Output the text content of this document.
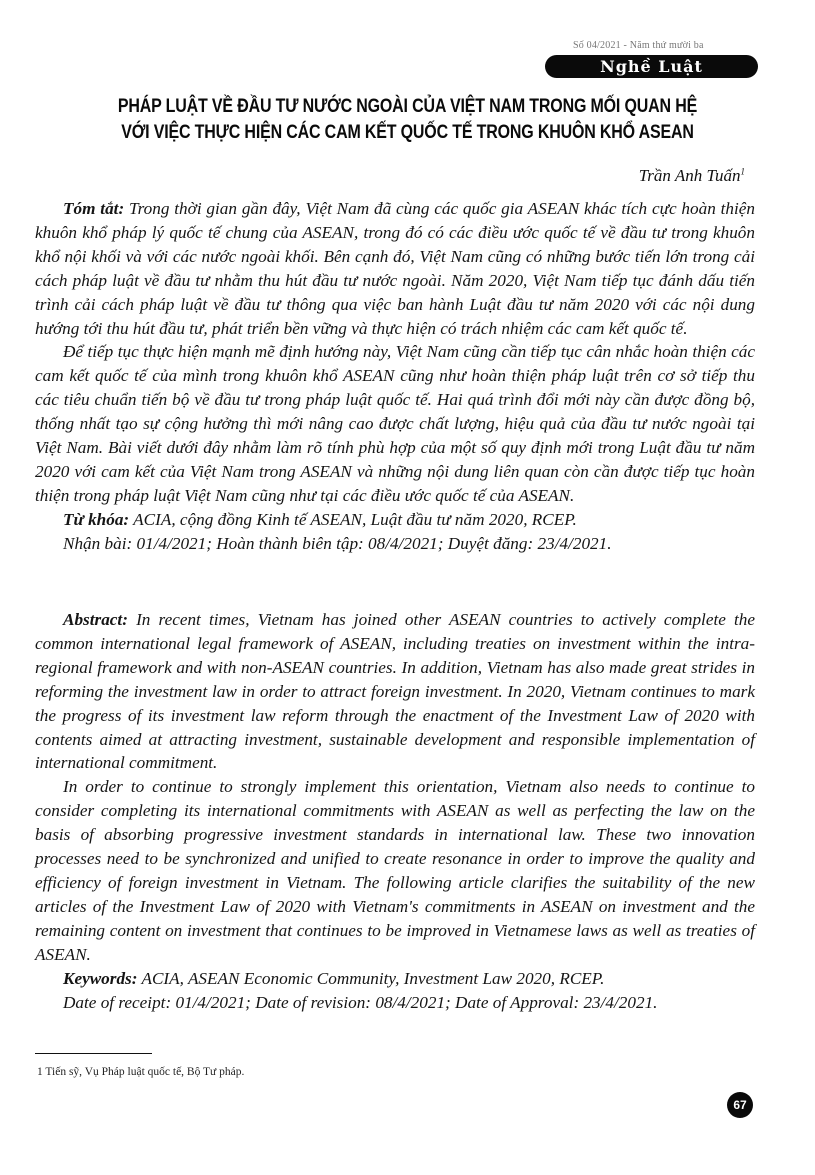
Số 04/2021 - Năm thứ mười ba
Nghề Luật
PHÁP LUẬT VỀ ĐẦU TƯ NƯỚC NGOÀI CỦA VIỆT NAM TRONG MỐI QUAN HỆ
VỚI VIỆC THỰC HIỆN CÁC CAM KẾT QUỐC TẾ TRONG KHUÔN KHỔ ASEAN
Trần Anh Tuấn$^1$

Tóm tắt: Trong thời gian gần đây, Việt Nam đã cùng các quốc gia ASEAN khác tích cực hoàn thiện khuôn khổ pháp lý quốc tế chung của ASEAN, trong đó có các điều ước quốc tế về đầu tư trong khuôn khổ nội khối và với các nước ngoài khối. Bên cạnh đó, Việt Nam cũng có những bước tiến lớn trong cải cách pháp luật về đầu tư nhằm thu hút đầu tư nước ngoài. Năm 2020, Việt Nam tiếp tục đánh dấu tiến trình cải cách pháp luật về đầu tư thông qua việc ban hành Luật đầu tư năm 2020 với các nội dung hướng tới thu hút đầu tư, phát triển bền vững và thực hiện có trách nhiệm các cam kết quốc tế.

Để tiếp tục thực hiện mạnh mẽ định hướng này, Việt Nam cũng cần tiếp tục cân nhắc hoàn thiện các cam kết quốc tế của mình trong khuôn khổ ASEAN cũng như hoàn thiện pháp luật trên cơ sở tiếp thu các tiêu chuẩn tiến bộ về đầu tư trong pháp luật quốc tế. Hai quá trình đổi mới này cần được đồng bộ, thống nhất tạo sự cộng hưởng thì mới nâng cao được chất lượng, hiệu quả của đầu tư nước ngoài tại Việt Nam. Bài viết dưới đây nhằm làm rõ tính phù hợp của một số quy định mới trong Luật đầu tư năm 2020 với cam kết của Việt Nam trong ASEAN và những nội dung liên quan còn cần được tiếp tục hoàn thiện trong pháp luật Việt Nam cũng như tại các điều ước quốc tế của ASEAN.

Từ khóa: ACIA, cộng đồng Kinh tế ASEAN, Luật đầu tư năm 2020, RCEP.

Nhận bài: 01/4/2021; Hoàn thành biên tập: 08/4/2021; Duyệt đăng: 23/4/2021.

Abstract: In recent times, Vietnam has joined other ASEAN countries to actively complete the common international legal framework of ASEAN, including treaties on investment within the intra-regional framework and with non-ASEAN countries. In addition, Vietnam has also made great strides in reforming the investment law in order to attract foreign investment. In 2020, Vietnam continues to mark the progress of its investment law reform through the enactment of the Investment Law of 2020 with contents aimed at attracting investment, sustainable development and responsible implementation of international commitment.

In order to continue to strongly implement this orientation, Vietnam also needs to continue to consider completing its international commitments with ASEAN as well as perfecting the law on the basis of absorbing progressive investment standards in international law. These two innovation processes need to be synchronized and unified to create resonance in order to improve the quality and efficiency of foreign investment in Vietnam. The following article clarifies the suitability of the new articles of the Investment Law of 2020 with Vietnam's commitments in ASEAN on investment and the remaining content on investment that continues to be improved in Vietnamese laws as well as treaties of ASEAN.

Keywords: ACIA, ASEAN Economic Community, Investment Law 2020, RCEP.

Date of receipt: 01/4/2021; Date of revision: 08/4/2021; Date of Approval: 23/4/2021.

1 Tiến sỹ, Vụ Pháp luật quốc tế, Bộ Tư pháp.
67
